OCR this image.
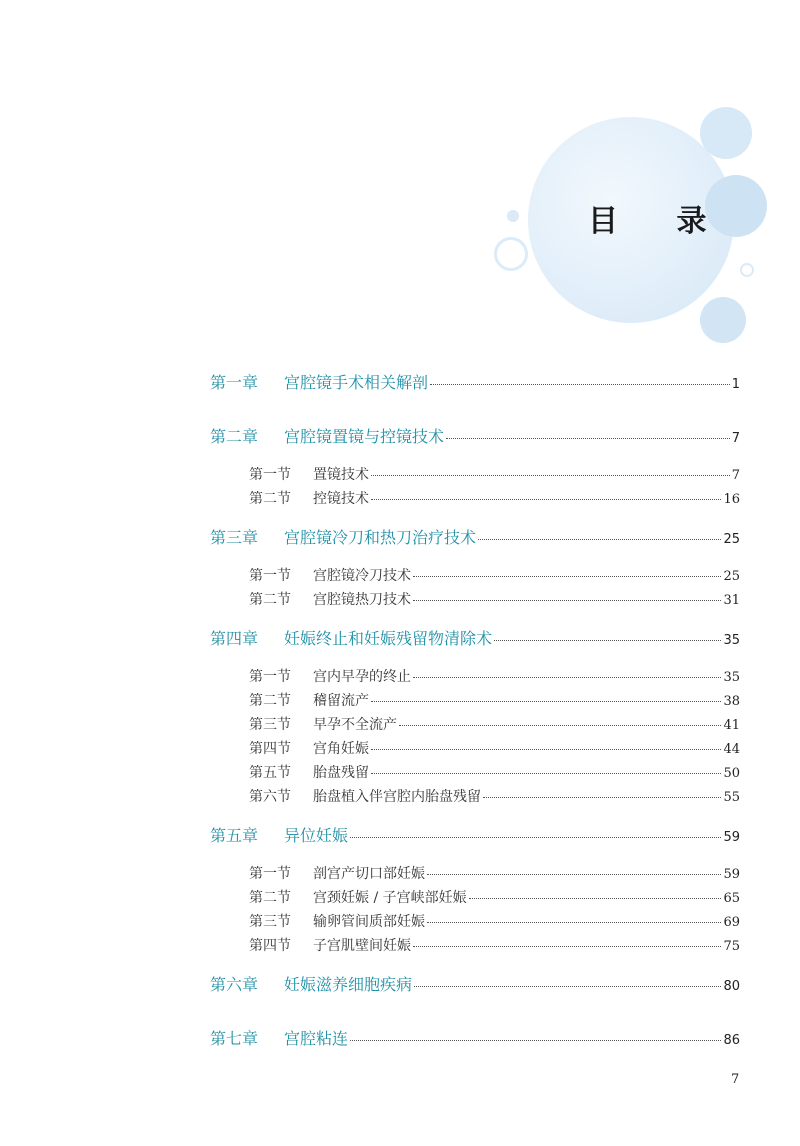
目 录
第一章 宫腔镜手术相关解剖	1
第二章 宫腔镜置镜与控镜技术	7
第一节 置镜技术	7
第二节 控镜技术	16
第三章 宫腔镜冷刀和热刀治疗技术	25
第一节 宫腔镜冷刀技术	25
第二节 宫腔镜热刀技术	31
第四章 妊娠终止和妊娠残留物清除术	35
第一节 宫内早孕的终止	35
第二节 稽留流产	38
第三节 早孕不全流产	41
第四节 宫角妊娠	44
第五节 胎盘残留	50
第六节 胎盘植入伴宫腔内胎盘残留	55
第五章 异位妊娠	59
第一节 剖宫产切口部妊娠	59
第二节 宫颈妊娠 / 子宫峡部妊娠	65
第三节 输卵管间质部妊娠	69
第四节 子宫肌壁间妊娠	75
第六章 妊娠滋养细胞疾病	80
第七章 宫腔粘连	86
7
